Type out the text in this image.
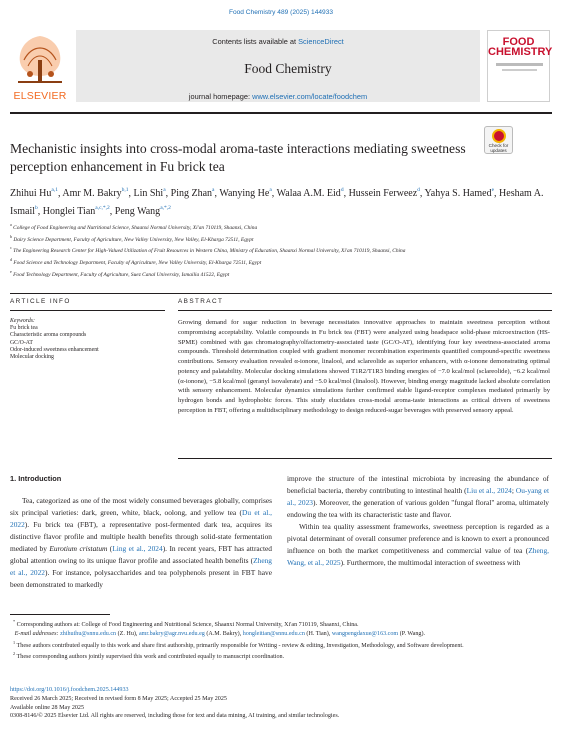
Food Chemistry 489 (2025) 144933
ELSEVIER
Contents lists available at ScienceDirect
Food Chemistry
journal homepage: www.elsevier.com/locate/foodchem
FOOD CHEMISTRY
Check for updates
Mechanistic insights into cross-modal aroma-taste interactions mediating sweetness perception enhancement in Fu brick tea
Zhihui Hu$^{a,1}$, Amr M. Bakry$^{b,1}$, Lin Shi$^a$, Ping Zhan$^a$, Wanying He$^a$, Walaa A.M. Eid$^d$, Hussein Ferweez$^d$, Yahya S. Hamed$^e$, Hesham A. Ismail$^b$, Honglei Tian$^{a,c,*,2}$, Peng Wang$^{a,*,2}$
$^a$ College of Food Engineering and Nutritional Science, Shaanxi Normal University, Xi'an 710119, Shaanxi, China
$^b$ Dairy Science Department, Faculty of Agriculture, New Valley University, New Valley, El-Kharga 72511, Egypt
$^c$ The Engineering Research Center for High-Valued Utilization of Fruit Resources in Western China, Ministry of Education, Shaanxi Normal University, Xi'an 710119, Shaanxi, China
$^d$ Food Science and Technology Department, Faculty of Agriculture, New Valley University, El-Kharga 72511, Egypt
$^e$ Food Technology Department, Faculty of Agriculture, Suez Canal University, Ismailia 41522, Egypt
ARTICLE INFO	ABSTRACT
Keywords:
Fu brick tea
Characteristic aroma compounds
GC/O-AT
Odor-induced sweetness enhancement
Molecular docking
Growing demand for sugar reduction in beverage necessitates innovative approaches to maintain sweetness perception without compromising acceptability. Volatile compounds in Fu brick tea (FBT) were analyzed using headspace solid-phase microextraction (HS-SPME) combined with gas chromatography/olfactometry-associated taste (GC/O-AT), identifying four key sweetness-associated aroma compounds. Threshold determination coupled with gradient monomer recombination experiments quantified compound-specific sweetness contributions. Sensory evaluation revealed α-ionone, linalool, and sclareolide as superior enhancers, with α-ionone demonstrating optimal potency and palatability. Molecular docking simulations showed T1R2/T1R3 binding energies of −7.0 kcal/mol (sclareolide), −6.2 kcal/mol (α-ionone), −5.8 kcal/mol (geranyl isovalerate) and −5.0 kcal/mol (linalool). However, binding energy magnitude lacked absolute correlation with sensory enhancement. Molecular dynamics simulations further confirmed stable ligand-receptor complexes mediated primarily by hydrogen bonds and hydrophobic forces. This study elucidates cross-modal aroma-taste interactions as critical drivers of sweetness perception in FBT, offering a multidisciplinary methodology to design reduced-sugar beverages with preserved sensory appeal.
1. Introduction

Tea, categorized as one of the most widely consumed beverages globally, comprises six principal varieties: dark, green, white, black, oolong, and yellow tea (Du et al., 2022). Fu brick tea (FBT), a representative post-fermented dark tea, acquires its distinctive flavor profile and multiple health benefits through solid-state fermentation mediated by Eurotium cristatum (Ling et al., 2024). In recent years, FBT has attracted global attention owing to its unique flavor profile and associated health benefits (Zheng et al., 2022). For instance, polysaccharides and tea polyphenols present in FBT have been demonstrated to markedly

improve the structure of the intestinal microbiota by increasing the abundance of beneficial bacteria, thereby contributing to intestinal health (Liu et al., 2024; Ou-yang et al., 2023). Moreover, the generation of various golden "fungal floral" aroma, ultimately endowing the tea with its characteristic taste and flavor.

Within tea quality assessment frameworks, sweetness perception is regarded as a pivotal determinant of overall consumer preference and is known to exert a pronounced influence on both the market competitiveness and commercial value of tea (Zheng, Wang, et al., 2025). Furthermore, the multimodal interaction of sweetness with

* Corresponding authors at: College of Food Engineering and Nutritional Science, Shaanxi Normal University, Xi'an 710119, Shaanxi, China.
E-mail addresses: zhihuihu@snnu.edu.cn (Z. Hu), amr.bakry@agr.nvu.edu.eg (A.M. Bakry), hongleitian@snnu.edu.cn (H. Tian), wangpengdaxue@163.com (P. Wang).
$^1$ These authors contributed equally to this work and share first authorship, primarily responsible for Writing - review & editing, Investigation, Methodology, and Software development.
$^2$ These corresponding authors jointly supervised this work and contributed equally to manuscript coordination.
https://doi.org/10.1016/j.foodchem.2025.144933
Received 26 March 2025; Received in revised form 8 May 2025; Accepted 25 May 2025
Available online 28 May 2025
0308-8146/© 2025 Elsevier Ltd. All rights are reserved, including those for text and data mining, AI training, and similar technologies.
